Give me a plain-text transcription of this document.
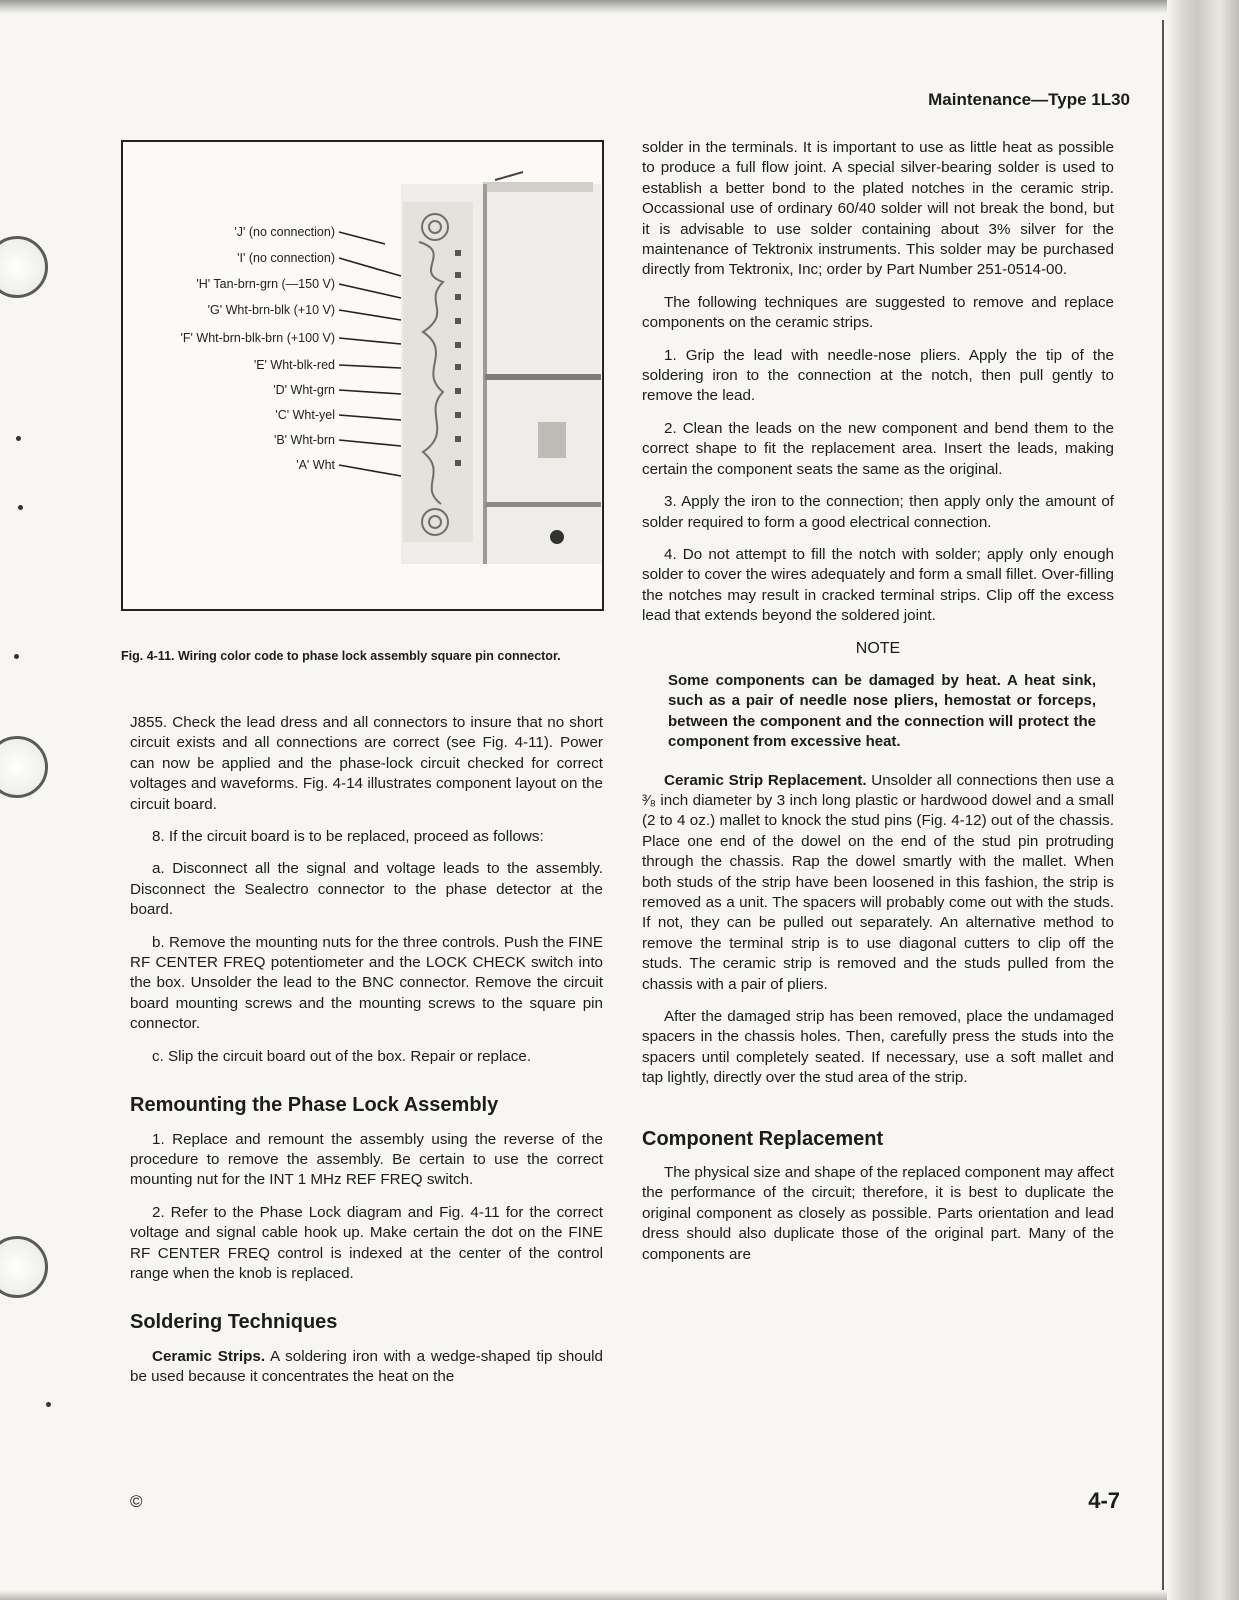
Maintenance—Type 1L30
'J' (no connection)
'I' (no connection)
'H' Tan-brn-grn (—150 V)
'G' Wht-brn-blk (+10 V)
'F' Wht-brn-blk-brn (+100 V)
'E' Wht-blk-red
'D' Wht-grn
'C' Wht-yel
'B' Wht-brn
'A' Wht
Fig. 4-11. Wiring color code to phase lock assembly square pin connector.

J855. Check the lead dress and all connectors to insure that no short circuit exists and all connections are correct (see Fig. 4-11). Power can now be applied and the phase-lock circuit checked for correct voltages and waveforms. Fig. 4-14 illustrates component layout on the circuit board.

8. If the circuit board is to be replaced, proceed as follows:

a. Disconnect all the signal and voltage leads to the assembly. Disconnect the Sealectro connector to the phase detector at the board.

b. Remove the mounting nuts for the three controls. Push the FINE RF CENTER FREQ potentiometer and the LOCK CHECK switch into the box. Unsolder the lead to the BNC connector. Remove the circuit board mounting screws and the mounting screws to the square pin connector.

c. Slip the circuit board out of the box. Repair or replace.

Remounting the Phase Lock Assembly

1. Replace and remount the assembly using the reverse of the procedure to remove the assembly. Be certain to use the correct mounting nut for the INT 1 MHz REF FREQ switch.

2. Refer to the Phase Lock diagram and Fig. 4-11 for the correct voltage and signal cable hook up. Make certain the dot on the FINE RF CENTER FREQ control is indexed at the center of the control range when the knob is replaced.

Soldering Techniques

Ceramic Strips. A soldering iron with a wedge-shaped tip should be used because it concentrates the heat on the

solder in the terminals. It is important to use as little heat as possible to produce a full flow joint. A special silver-bearing solder is used to establish a better bond to the plated notches in the ceramic strip. Occassional use of ordinary 60/40 solder will not break the bond, but it is advisable to use solder containing about 3% silver for the maintenance of Tektronix instruments. This solder may be purchased directly from Tektronix, Inc; order by Part Number 251-0514-00.

The following techniques are suggested to remove and replace components on the ceramic strips.

1. Grip the lead with needle-nose pliers. Apply the tip of the soldering iron to the connection at the notch, then pull gently to remove the lead.

2. Clean the leads on the new component and bend them to the correct shape to fit the replacement area. Insert the leads, making certain the component seats the same as the original.

3. Apply the iron to the connection; then apply only the amount of solder required to form a good electrical connection.

4. Do not attempt to fill the notch with solder; apply only enough solder to cover the wires adequately and form a small fillet. Over-filling the notches may result in cracked terminal strips. Clip off the excess lead that extends beyond the soldered joint.

NOTE
Some components can be damaged by heat. A heat sink, such as a pair of needle nose pliers, hemostat or forceps, between the component and the connection will protect the component from excessive heat.

Ceramic Strip Replacement. Unsolder all connections then use a ³⁄₈ inch diameter by 3 inch long plastic or hardwood dowel and a small (2 to 4 oz.) mallet to knock the stud pins (Fig. 4-12) out of the chassis. Place one end of the dowel on the end of the stud pin protruding through the chassis. Rap the dowel smartly with the mallet. When both studs of the strip have been loosened in this fashion, the strip is removed as a unit. The spacers will probably come out with the studs. If not, they can be pulled out separately. An alternative method to remove the terminal strip is to use diagonal cutters to clip off the studs. The ceramic strip is removed and the studs pulled from the chassis with a pair of pliers.

After the damaged strip has been removed, place the undamaged spacers in the chassis holes. Then, carefully press the studs into the spacers until completely seated. If necessary, use a soft mallet and tap lightly, directly over the stud area of the strip.

Component Replacement

The physical size and shape of the replaced component may affect the performance of the circuit; therefore, it is best to duplicate the original component as closely as possible. Parts orientation and lead dress should also duplicate those of the original part. Many of the components are

©	4-7
